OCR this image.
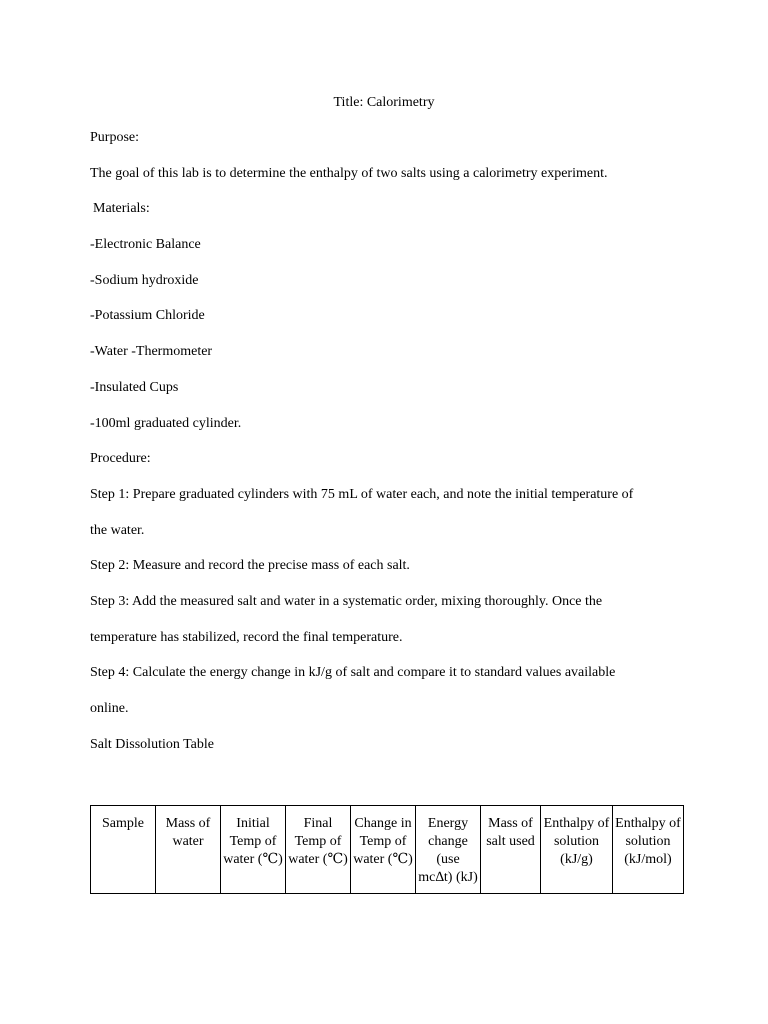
Title: Calorimetry
Purpose:
The goal of this lab is to determine the enthalpy of two salts using a calorimetry experiment.
Materials:
-Electronic Balance
-Sodium hydroxide
-Potassium Chloride
-Water -Thermometer
-Insulated Cups
-100ml graduated cylinder.
Procedure:
Step 1: Prepare graduated cylinders with 75 mL of water each, and note the initial temperature of
the water.
Step 2: Measure and record the precise mass of each salt.
Step 3: Add the measured salt and water in a systematic order, mixing thoroughly. Once the
temperature has stabilized, record the final temperature.
Step 4: Calculate the energy change in kJ/g of salt and compare it to standard values available
online.
Salt Dissolution Table
Sample	Mass of water	Initial Temp of water (℃)	Final Temp of water (℃)	Change in Temp of water (℃)	Energy change (use mc∆t) (kJ)	Mass of salt used	Enthalpy of solution (kJ/g)	Enthalpy of solution (kJ/mol)
